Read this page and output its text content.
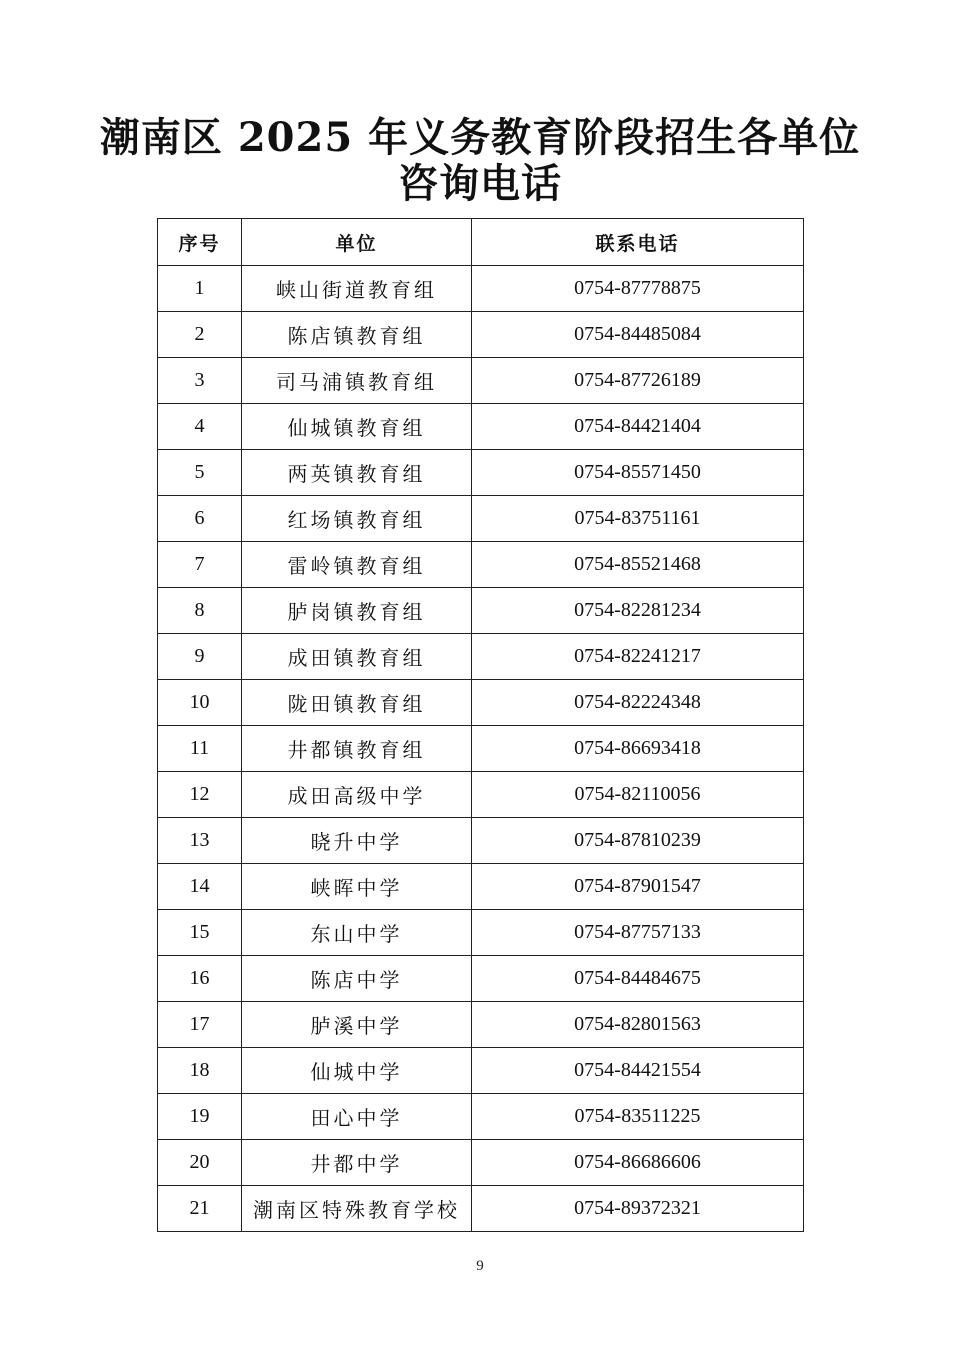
潮南区 2025 年义务教育阶段招生各单位
咨询电话
序号	单位	联系电话
1	峡山街道教育组	0754-87778875
2	陈店镇教育组	0754-84485084
3	司马浦镇教育组	0754-87726189
4	仙城镇教育组	0754-84421404
5	两英镇教育组	0754-85571450
6	红场镇教育组	0754-83751161
7	雷岭镇教育组	0754-85521468
8	胪岗镇教育组	0754-82281234
9	成田镇教育组	0754-82241217
10	陇田镇教育组	0754-82224348
11	井都镇教育组	0754-86693418
12	成田高级中学	0754-82110056
13	晓升中学	0754-87810239
14	峡晖中学	0754-87901547
15	东山中学	0754-87757133
16	陈店中学	0754-84484675
17	胪溪中学	0754-82801563
18	仙城中学	0754-84421554
19	田心中学	0754-83511225
20	井都中学	0754-86686606
21	潮南区特殊教育学校	0754-89372321
9
